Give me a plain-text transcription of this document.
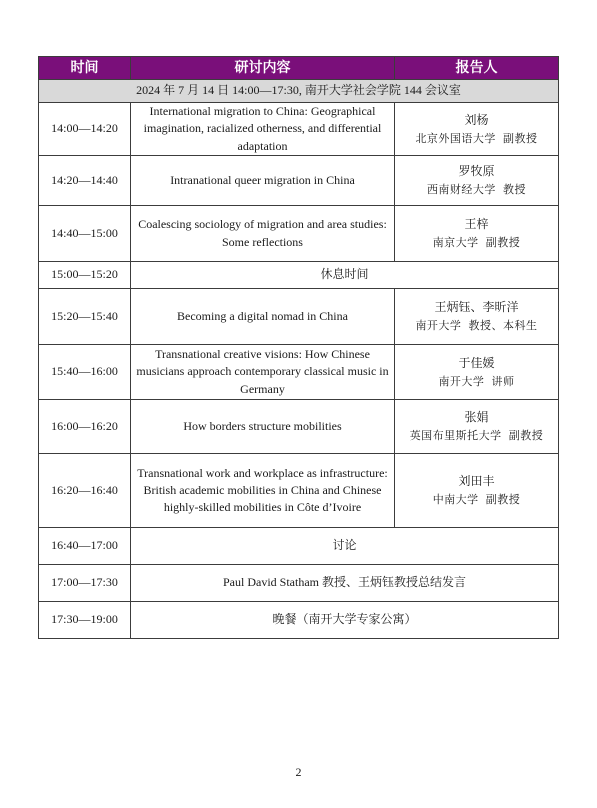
时间	研讨内容	报告人
2024 年 7 月 14 日 14:00—17:30, 南开大学社会学院 144 会议室		
14:00—14:20	International migration to China: Geographical imagination, racialized otherness, and differential adaptation	刘杨
北京外国语大学 副教授

14:20—14:40	Intranational queer migration in China	罗牧原
西南财经大学 教授

14:40—15:00	Coalescing sociology of migration and area studies: Some reflections	王梓
南京大学 副教授

15:00—15:20	休息时间	
15:20—15:40	Becoming a digital nomad in China	王炳钰、李昕洋
南开大学 教授、本科生

15:40—16:00	Transnational creative visions: How Chinese musicians approach contemporary classical music in Germany	于佳媛
南开大学 讲师

16:00—16:20	How borders structure mobilities	张娟
英国布里斯托大学 副教授

16:20—16:40	Transnational work and workplace as infrastructure: British academic mobilities in China and Chinese highly-skilled mobilities in Côte d’Ivoire	刘田丰
中南大学 副教授

16:40—17:00	讨论	
17:00—17:30	Paul David Statham 教授、王炳钰教授总结发言	
17:30—19:00	晚餐（南开大学专家公寓）	
2
